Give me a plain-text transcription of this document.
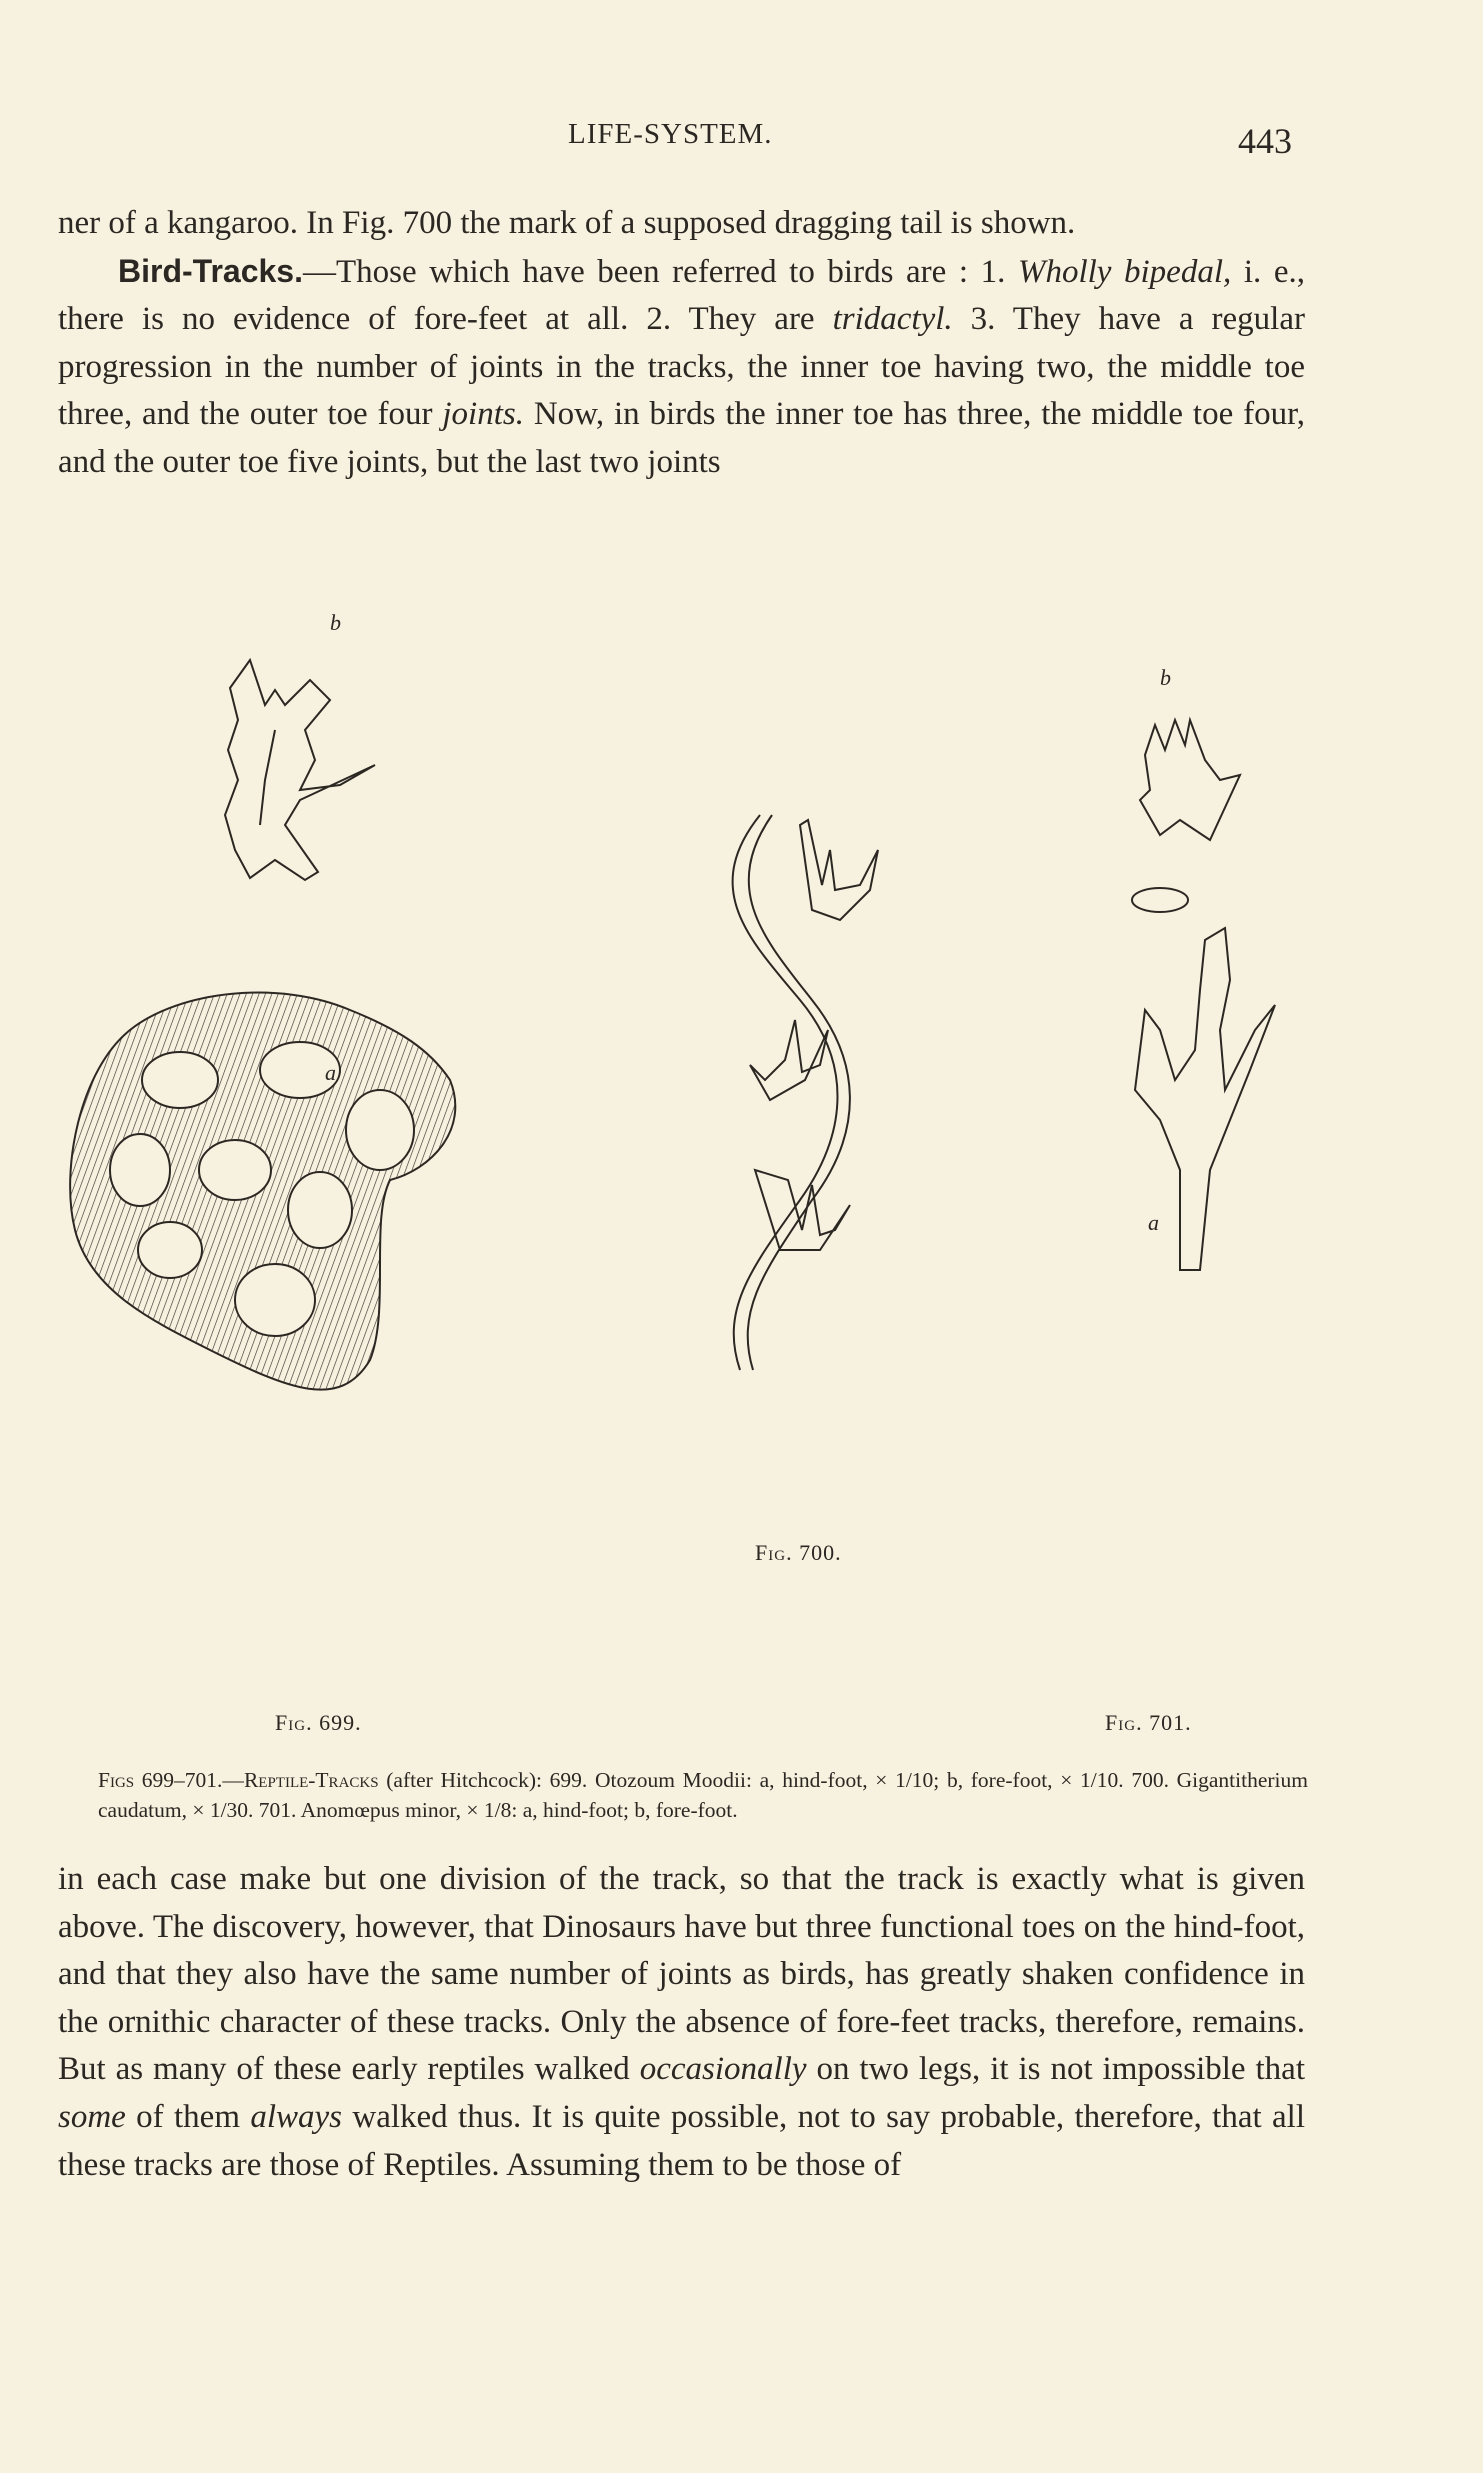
LIFE-SYSTEM.	443

ner of a kangaroo. In Fig. 700 the mark of a supposed dragging tail is shown.

Bird-Tracks.—Those which have been referred to birds are : 1. Wholly bipedal, i. e., there is no evidence of fore-feet at all. 2. They are tridactyl. 3. They have a regular progression in the number of joints in the tracks, the inner toe having two, the middle toe three, and the outer toe four joints. Now, in birds the inner toe has three, the middle toe four, and the outer toe five joints, but the last two joints

b
a
b
a
Fig. 699.
Fig. 700.
Fig. 701.

Figs 699–701.—Reptile-Tracks (after Hitchcock): 699. Otozoum Moodii: a, hind-foot, × 1/10; b, fore-foot, × 1/10. 700. Gigantitherium caudatum, × 1/30. 701. Anomœpus minor, × 1/8: a, hind-foot; b, fore-foot.

in each case make but one division of the track, so that the track is exactly what is given above. The discovery, however, that Dinosaurs have but three functional toes on the hind-foot, and that they also have the same number of joints as birds, has greatly shaken confidence in the ornithic character of these tracks. Only the absence of fore-feet tracks, therefore, remains. But as many of these early reptiles walked occasionally on two legs, it is not impossible that some of them always walked thus. It is quite possible, not to say probable, therefore, that all these tracks are those of Reptiles. Assuming them to be those of
